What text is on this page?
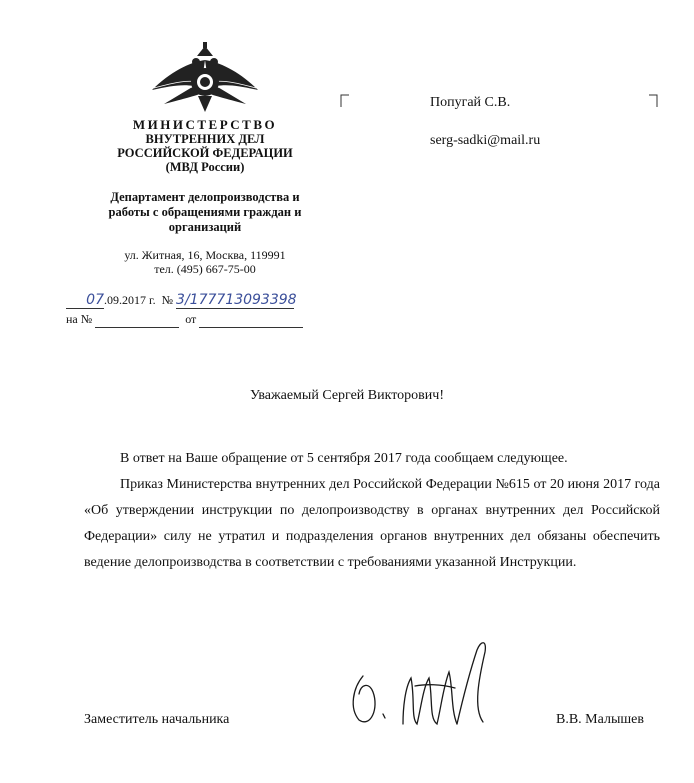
МИНИСТЕРСТВО
ВНУТРЕННИХ ДЕЛ
РОССИЙСКОЙ ФЕДЕРАЦИИ
(МВД России)
Департамент делопроизводства и
работы с обращениями граждан и
организаций
ул. Житная, 16, Москва, 119991
тел. (495) 667-75-00
07.09.2017 г. № 3/177713093398
на №	от
Попугай С.В.
serg-sadki@mail.ru
Уважаемый Сергей Викторович!

В ответ на Ваше обращение от 5 сентября 2017 года сообщаем следующее.

Приказ Министерства внутренних дел Российской Федерации №615 от 20 июня 2017 года «Об утверждении инструкции по делопроизводству в органах внутренних дел Российской Федерации» силу не утратил и подразделения органов внутренних дел обязаны обеспечить ведение делопроизводства в соответствии с требованиями указанной Инструкции.

Заместитель начальника	В.В. Малышев
